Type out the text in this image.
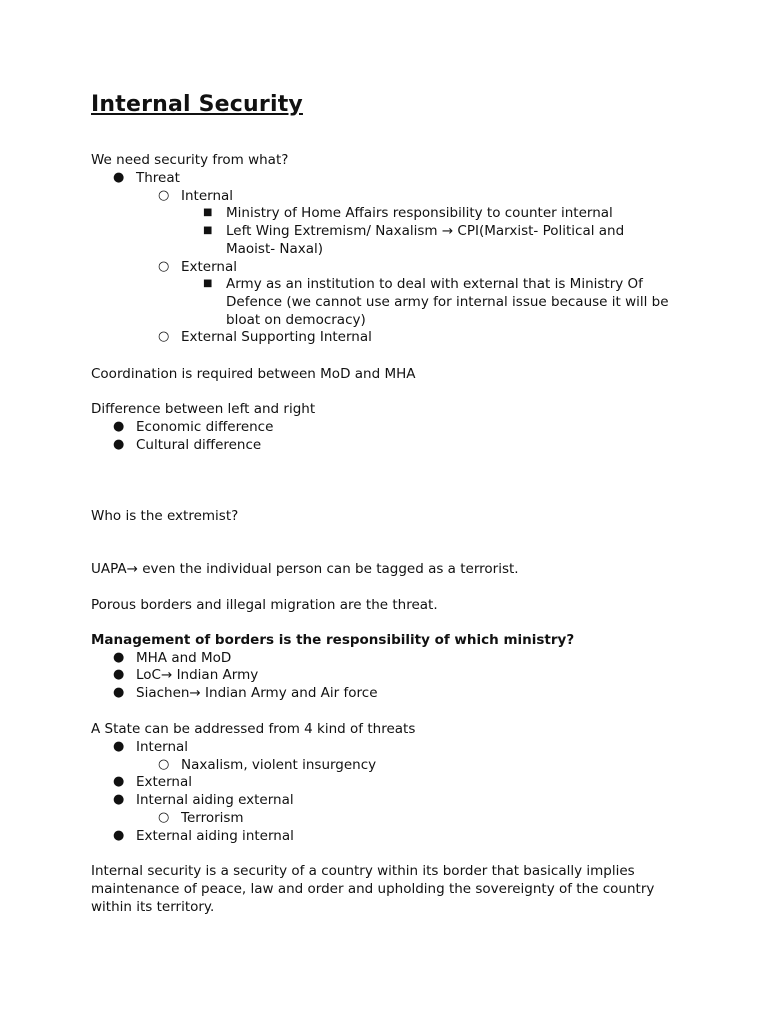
Internal Security
We need security from what?
● Threat
○ Internal
■ Ministry of Home Affairs responsibility to counter internal
■ Left Wing Extremism/ Naxalism → CPI(Marxist- Political and
Maoist- Naxal)
○ External
■ Army as an institution to deal with external that is Ministry Of
Defence (we cannot use army for internal issue because it will be
bloat on democracy)
○ External Supporting Internal
Coordination is required between MoD and MHA
Difference between left and right
● Economic difference
● Cultural difference
Who is the extremist?
UAPA→ even the individual person can be tagged as a terrorist.
Porous borders and illegal migration are the threat.
Management of borders is the responsibility of which ministry?
● MHA and MoD
● LoC→ Indian Army
● Siachen→ Indian Army and Air force
A State can be addressed from 4 kind of threats
● Internal
○ Naxalism, violent insurgency
● External
● Internal aiding external
○ Terrorism
● External aiding internal
Internal security is a security of a country within its border that basically implies
maintenance of peace, law and order and upholding the sovereignty of the country
within its territory.
